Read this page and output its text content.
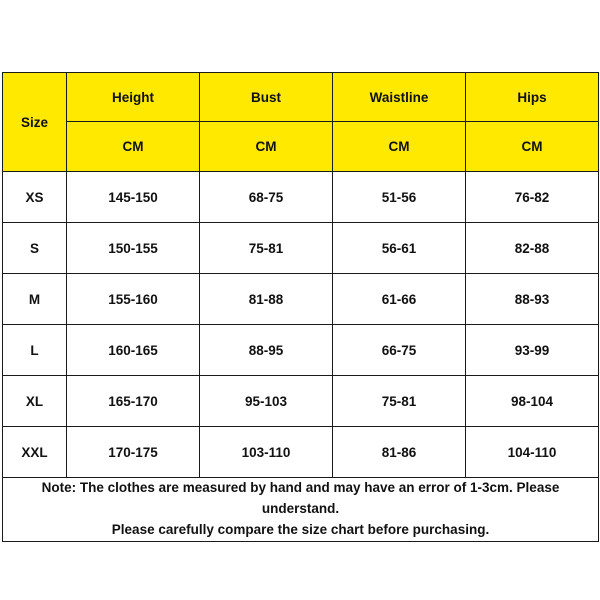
Size	Height	Bust	Waistline	Hips
	CM	CM	CM	CM
XS	145-150	68-75	51-56	76-82
S	150-155	75-81	56-61	82-88
M	155-160	81-88	61-66	88-93
L	160-165	88-95	66-75	93-99
XL	165-170	95-103	75-81	98-104
XXL	170-175	103-110	81-86	104-110

Note: The clothes are measured by hand and may have an error of 1-3cm. Please understand.
Please carefully compare the size chart before purchasing.				
